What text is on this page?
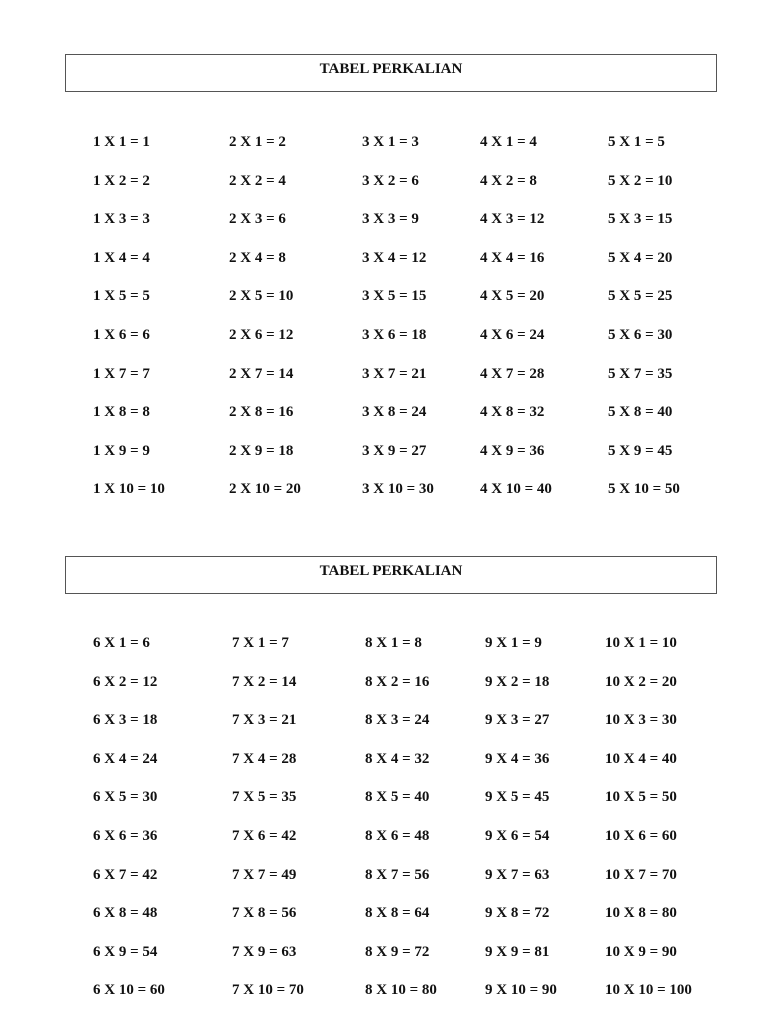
TABEL PERKALIAN
1 X 1 = 1
1 X 2 = 2
1 X 3 = 3
1 X 4 = 4
1 X 5 = 5
1 X 6 = 6
1 X 7 = 7
1 X 8 = 8
1 X 9 = 9
1 X 10 = 10
2 X 1 = 2
2 X 2 = 4
2 X 3 = 6
2 X 4 = 8
2 X 5 = 10
2 X 6 = 12
2 X 7 = 14
2 X 8 = 16
2 X 9 = 18
2 X 10 = 20
3 X 1 = 3
3 X 2 = 6
3 X 3 = 9
3 X 4 = 12
3 X 5 = 15
3 X 6 = 18
3 X 7 = 21
3 X 8 = 24
3 X 9 = 27
3 X 10 = 30
4 X 1 = 4
4 X 2 = 8
4 X 3 = 12
4 X 4 = 16
4 X 5 = 20
4 X 6 = 24
4 X 7 = 28
4 X 8 = 32
4 X 9 = 36
4 X 10 = 40
5 X 1 = 5
5 X 2 = 10
5 X 3 = 15
5 X 4 = 20
5 X 5 = 25
5 X 6 = 30
5 X 7 = 35
5 X 8 = 40
5 X 9 = 45
5 X 10 = 50
TABEL PERKALIAN
6 X 1 = 6
6 X 2 = 12
6 X 3 = 18
6 X 4 = 24
6 X 5 = 30
6 X 6 = 36
6 X 7 = 42
6 X 8 = 48
6 X 9 = 54
6 X 10 = 60
7 X 1 = 7
7 X 2 = 14
7 X 3 = 21
7 X 4 = 28
7 X 5 = 35
7 X 6 = 42
7 X 7 = 49
7 X 8 = 56
7 X 9 = 63
7 X 10 = 70
8 X 1 = 8
8 X 2 = 16
8 X 3 = 24
8 X 4 = 32
8 X 5 = 40
8 X 6 = 48
8 X 7 = 56
8 X 8 = 64
8 X 9 = 72
8 X 10 = 80
9 X 1 = 9
9 X 2 = 18
9 X 3 = 27
9 X 4 = 36
9 X 5 = 45
9 X 6 = 54
9 X 7 = 63
9 X 8 = 72
9 X 9 = 81
9 X 10 = 90
10 X 1 = 10
10 X 2 = 20
10 X 3 = 30
10 X 4 = 40
10 X 5 = 50
10 X 6 = 60
10 X 7 = 70
10 X 8 = 80
10 X 9 = 90
10 X 10 = 100
